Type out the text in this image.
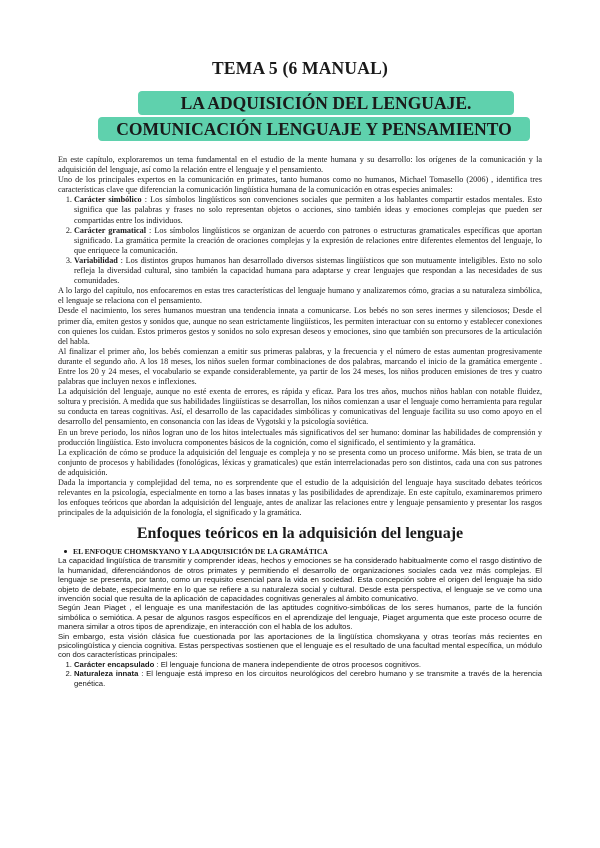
TEMA 5 (6 MANUAL)
LA ADQUISICIÓN DEL LENGUAJE.
COMUNICACIÓN LENGUAJE Y PENSAMIENTO

En este capítulo, exploraremos un tema fundamental en el estudio de la mente humana y su desarrollo: los orígenes de la comunicación y la adquisición del lenguaje, así como la relación entre el lenguaje y el pensamiento.

Uno de los principales expertos en la comunicación en primates, tanto humanos como no humanos, Michael Tomasello (2006) , identifica tres características clave que diferencian la comunicación lingüística humana de la comunicación en otras especies animales:

1. Carácter simbólico : Los símbolos lingüísticos son convenciones sociales que permiten a los hablantes compartir estados mentales. Esto significa que las palabras y frases no solo representan objetos o acciones, sino también ideas y emociones complejas que pueden ser compartidas entre los individuos.
2. Carácter gramatical : Los símbolos lingüísticos se organizan de acuerdo con patrones o estructuras gramaticales específicas que aportan significado. La gramática permite la creación de oraciones complejas y la expresión de relaciones entre diferentes elementos del lenguaje, lo que enriquece la comunicación.
3. Variabilidad : Los distintos grupos humanos han desarrollado diversos sistemas lingüísticos que son mutuamente inteligibles. Esto no solo refleja la diversidad cultural, sino también la capacidad humana para adaptarse y crear lenguajes que respondan a las necesidades de sus comunidades.

A lo largo del capítulo, nos enfocaremos en estas tres características del lenguaje humano y analizaremos cómo, gracias a su naturaleza simbólica, el lenguaje se relaciona con el pensamiento.

Desde el nacimiento, los seres humanos muestran una tendencia innata a comunicarse. Los bebés no son seres inermes y silenciosos; Desde el primer día, emiten gestos y sonidos que, aunque no sean estrictamente lingüísticos, les permiten interactuar con su entorno y establecer conexiones con quienes los cuidan. Estos primeros gestos y sonidos no solo expresan deseos y emociones, sino que también son precursores de la articulación del habla.

Al finalizar el primer año, los bebés comienzan a emitir sus primeras palabras, y la frecuencia y el número de estas aumentan progresivamente durante el segundo año. A los 18 meses, los niños suelen formar combinaciones de dos palabras, marcando el inicio de la gramática emergente . Entre los 20 y 24 meses, el vocabulario se expande considerablemente, ya partir de los 24 meses, los niños producen emisiones de tres y cuatro palabras que incluyen nexos e inflexiones.

La adquisición del lenguaje, aunque no esté exenta de errores, es rápida y eficaz. Para los tres años, muchos niños hablan con notable fluidez, soltura y precisión. A medida que sus habilidades lingüísticas se desarrollan, los niños comienzan a usar el lenguaje como herramienta para regular su conducta en tareas cognitivas. Así, el desarrollo de las capacidades simbólicas y comunicativas del lenguaje facilita su uso como apoyo en el desarrollo del pensamiento, en consonancia con las ideas de Vygotski y la psicología soviética.

En un breve periodo, los niños logran uno de los hitos intelectuales más significativos del ser humano: dominar las habilidades de comprensión y producción lingüística. Esto involucra componentes básicos de la cognición, como el significado, el sentimiento y la gramática.

La explicación de cómo se produce la adquisición del lenguaje es compleja y no se presenta como un proceso uniforme. Más bien, se trata de un conjunto de procesos y habilidades (fonológicas, léxicas y gramaticales) que están interrelacionadas pero son distintos, cada una con sus patrones de adquisición.

Dada la importancia y complejidad del tema, no es sorprendente que el estudio de la adquisición del lenguaje haya suscitado debates teóricos relevantes en la psicología, especialmente en torno a las bases innatas y las posibilidades de aprendizaje. En este capítulo, examinaremos primero los enfoques teóricos que abordan la adquisición del lenguaje, antes de analizar las relaciones entre y lenguaje pensamiento y presentar los rasgos principales de la adquisición de la fonología, el significado y la gramática.

Enfoques teóricos en la adquisición del lenguaje
EL ENFOQUE CHOMSKYANO Y LA ADQUISICIÓN DE LA GRAMÁTICA

La capacidad lingüística de transmitir y comprender ideas, hechos y emociones se ha considerado habitualmente como el rasgo distintivo de la humanidad, diferenciándonos de otros primates y permitiendo el desarrollo de organizaciones sociales cada vez más complejas. El lenguaje se presenta, por tanto, como un requisito esencial para la vida en sociedad. Esta concepción sobre el origen del lenguaje ha sido objeto de debate, especialmente en lo que se refiere a su naturaleza social y cultural. Desde esta perspectiva, el lenguaje se ve como una invención social que resulta de la aplicación de capacidades cognitivas generales al ámbito comunicativo.

Según Jean Piaget , el lenguaje es una manifestación de las aptitudes cognitivo-simbólicas de los seres humanos, parte de la función simbólica o semiótica. A pesar de algunos rasgos específicos en el aprendizaje del lenguaje, Piaget argumenta que este proceso ocurre de manera similar a otros tipos de aprendizaje, en interacción con el habla de los adultos.

Sin embargo, esta visión clásica fue cuestionada por las aportaciones de la lingüística chomskyana y otras teorías más recientes en psicolingüística y ciencia cognitiva. Estas perspectivas sostienen que el lenguaje es el resultado de una facultad mental específica, un módulo con dos características principales:

1. Carácter encapsulado : El lenguaje funciona de manera independiente de otros procesos cognitivos.
2. Naturaleza innata : El lenguaje está impreso en los circuitos neurológicos del cerebro humano y se transmite a través de la herencia genética.
